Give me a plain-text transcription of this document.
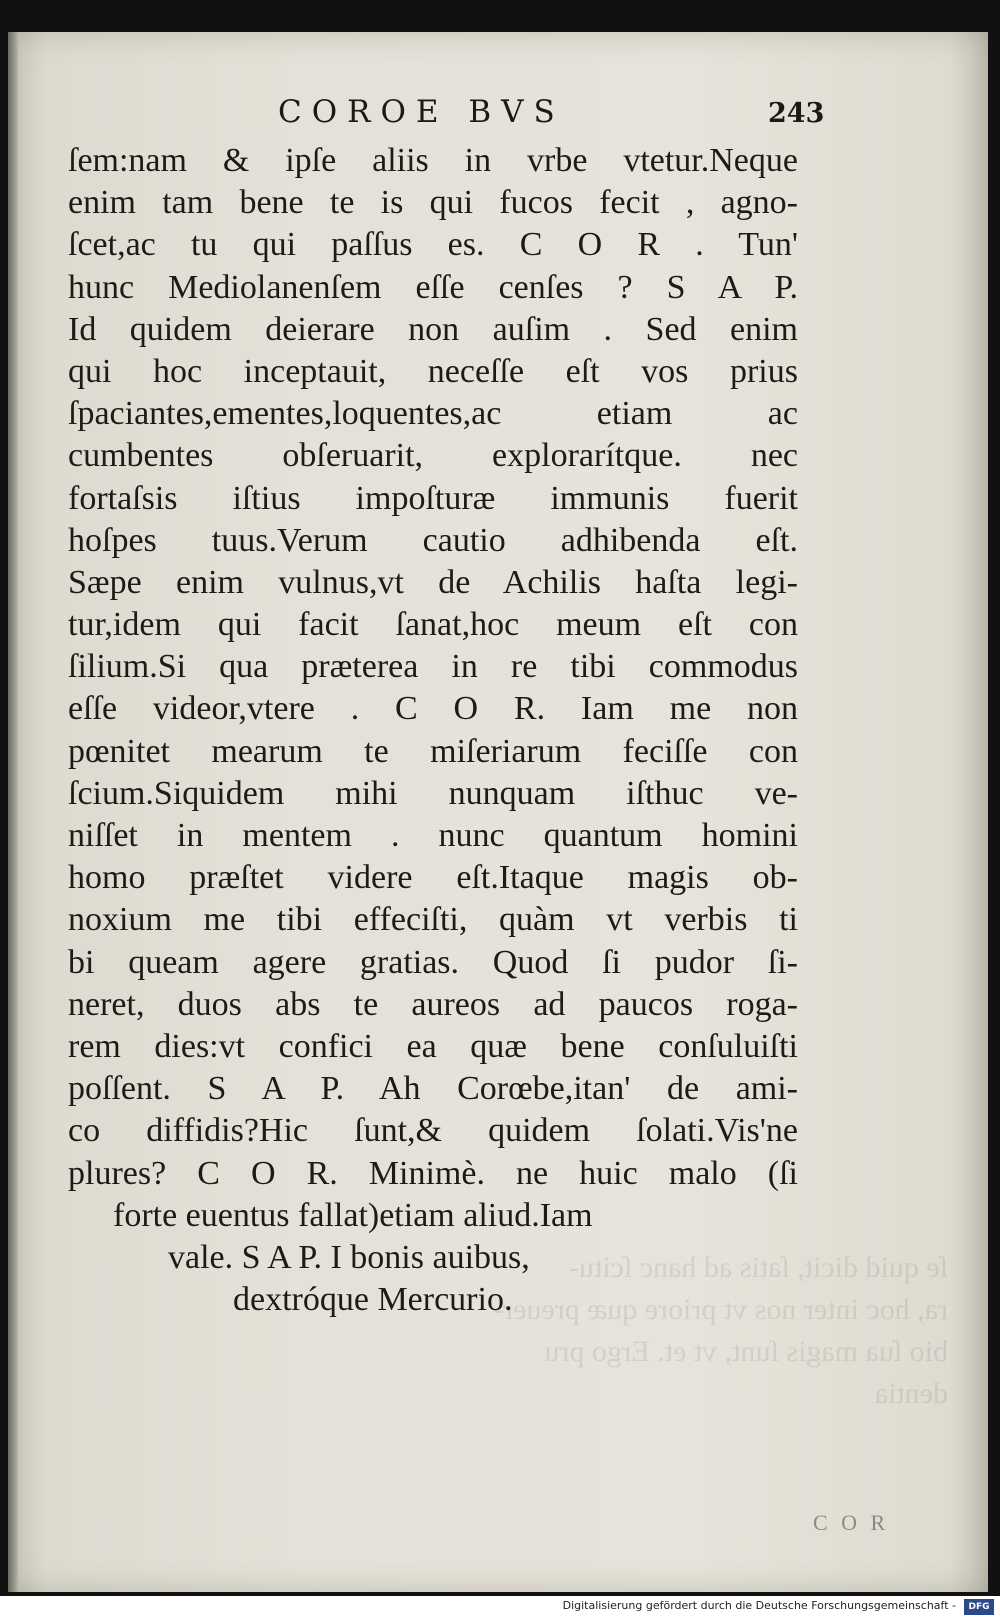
COROE BVS	243
ſem:nam & ipſe aliis in vrbe vtetur.Neque
enim tam bene te is qui fucos fecit , agno-
ſcet,ac tu qui paſſus es. C O R . Tun'
hunc Mediolanenſem eſſe cenſes ? S A P.
Id quidem deierare non auſim . Sed enim
qui hoc inceptauit, neceſſe eſt vos prius
ſpaciantes,ementes,loquentes,ac etiam ac
cumbentes obſeruarit, explorarítque. nec
fortaſsis iſtius impoſturæ immunis fuerit
hoſpes tuus.Verum cautio adhibenda eſt.
Sæpe enim vulnus,vt de Achilis haſta legi-
tur,idem qui facit ſanat,hoc meum eſt con
ſilium.Si qua præterea in re tibi commodus
eſſe videor,vtere . C O R. Iam me non
pœnitet mearum te miſeriarum feciſſe con
ſcium.Siquidem mihi nunquam iſthuc ve-
niſſet in mentem . nunc quantum homini
homo præſtet videre eſt.Itaque magis ob-
noxium me tibi effeciſti, quàm vt verbis ti
bi queam agere gratias. Quod ſi pudor ſi-
neret, duos abs te aureos ad paucos roga-
rem dies:vt confici ea quæ bene conſuluiſti
poſſent. S A P. Ah Corœbe,itan' de ami-
co diffidis?Hic ſunt,& quidem ſolati.Vis'ne
plures? C O R. Minimè. ne huic malo (ſi
forte euentus fallat)etiam aliud.Iam
vale. S A P. I bonis auibus,
dextróque Mercurio.
ſe quid dicit, ſatis ad hanc ſcitu-
ra, hoc inter nos vt priore quæ preuer-
bio ſua magis ſunt, vt et. Ergo pru
dentia
C O R
Digitalisierung gefördert durch die Deutsche Forschungsgemeinschaft -	DFG
